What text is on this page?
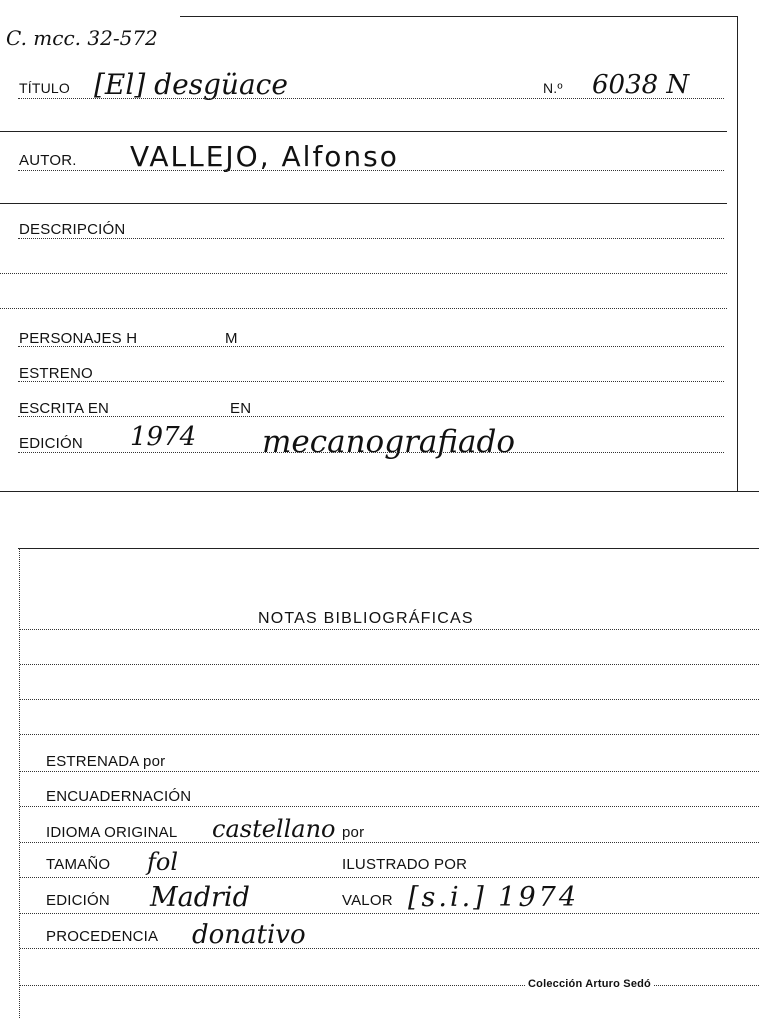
C. mcc. 32-572
TÍTULO [El] desgüace	N.º 6038 N
AUTOR. VALLEJO, Alfonso
DESCRIPCIÓN
PERSONAJES H	M
ESTRENO
ESCRITA EN	EN
EDICIÓN 1974 mecanografiado
NOTAS BIBLIOGRÁFICAS
ESTRENADA por
ENCUADERNACIÓN
IDIOMA ORIGINAL castellano por
TAMAÑO fol	ILUSTRADO POR
EDICIÓN Madrid	VALOR [s.i.] 1974
PROCEDENCIA donativo
Colección Arturo Sedó
